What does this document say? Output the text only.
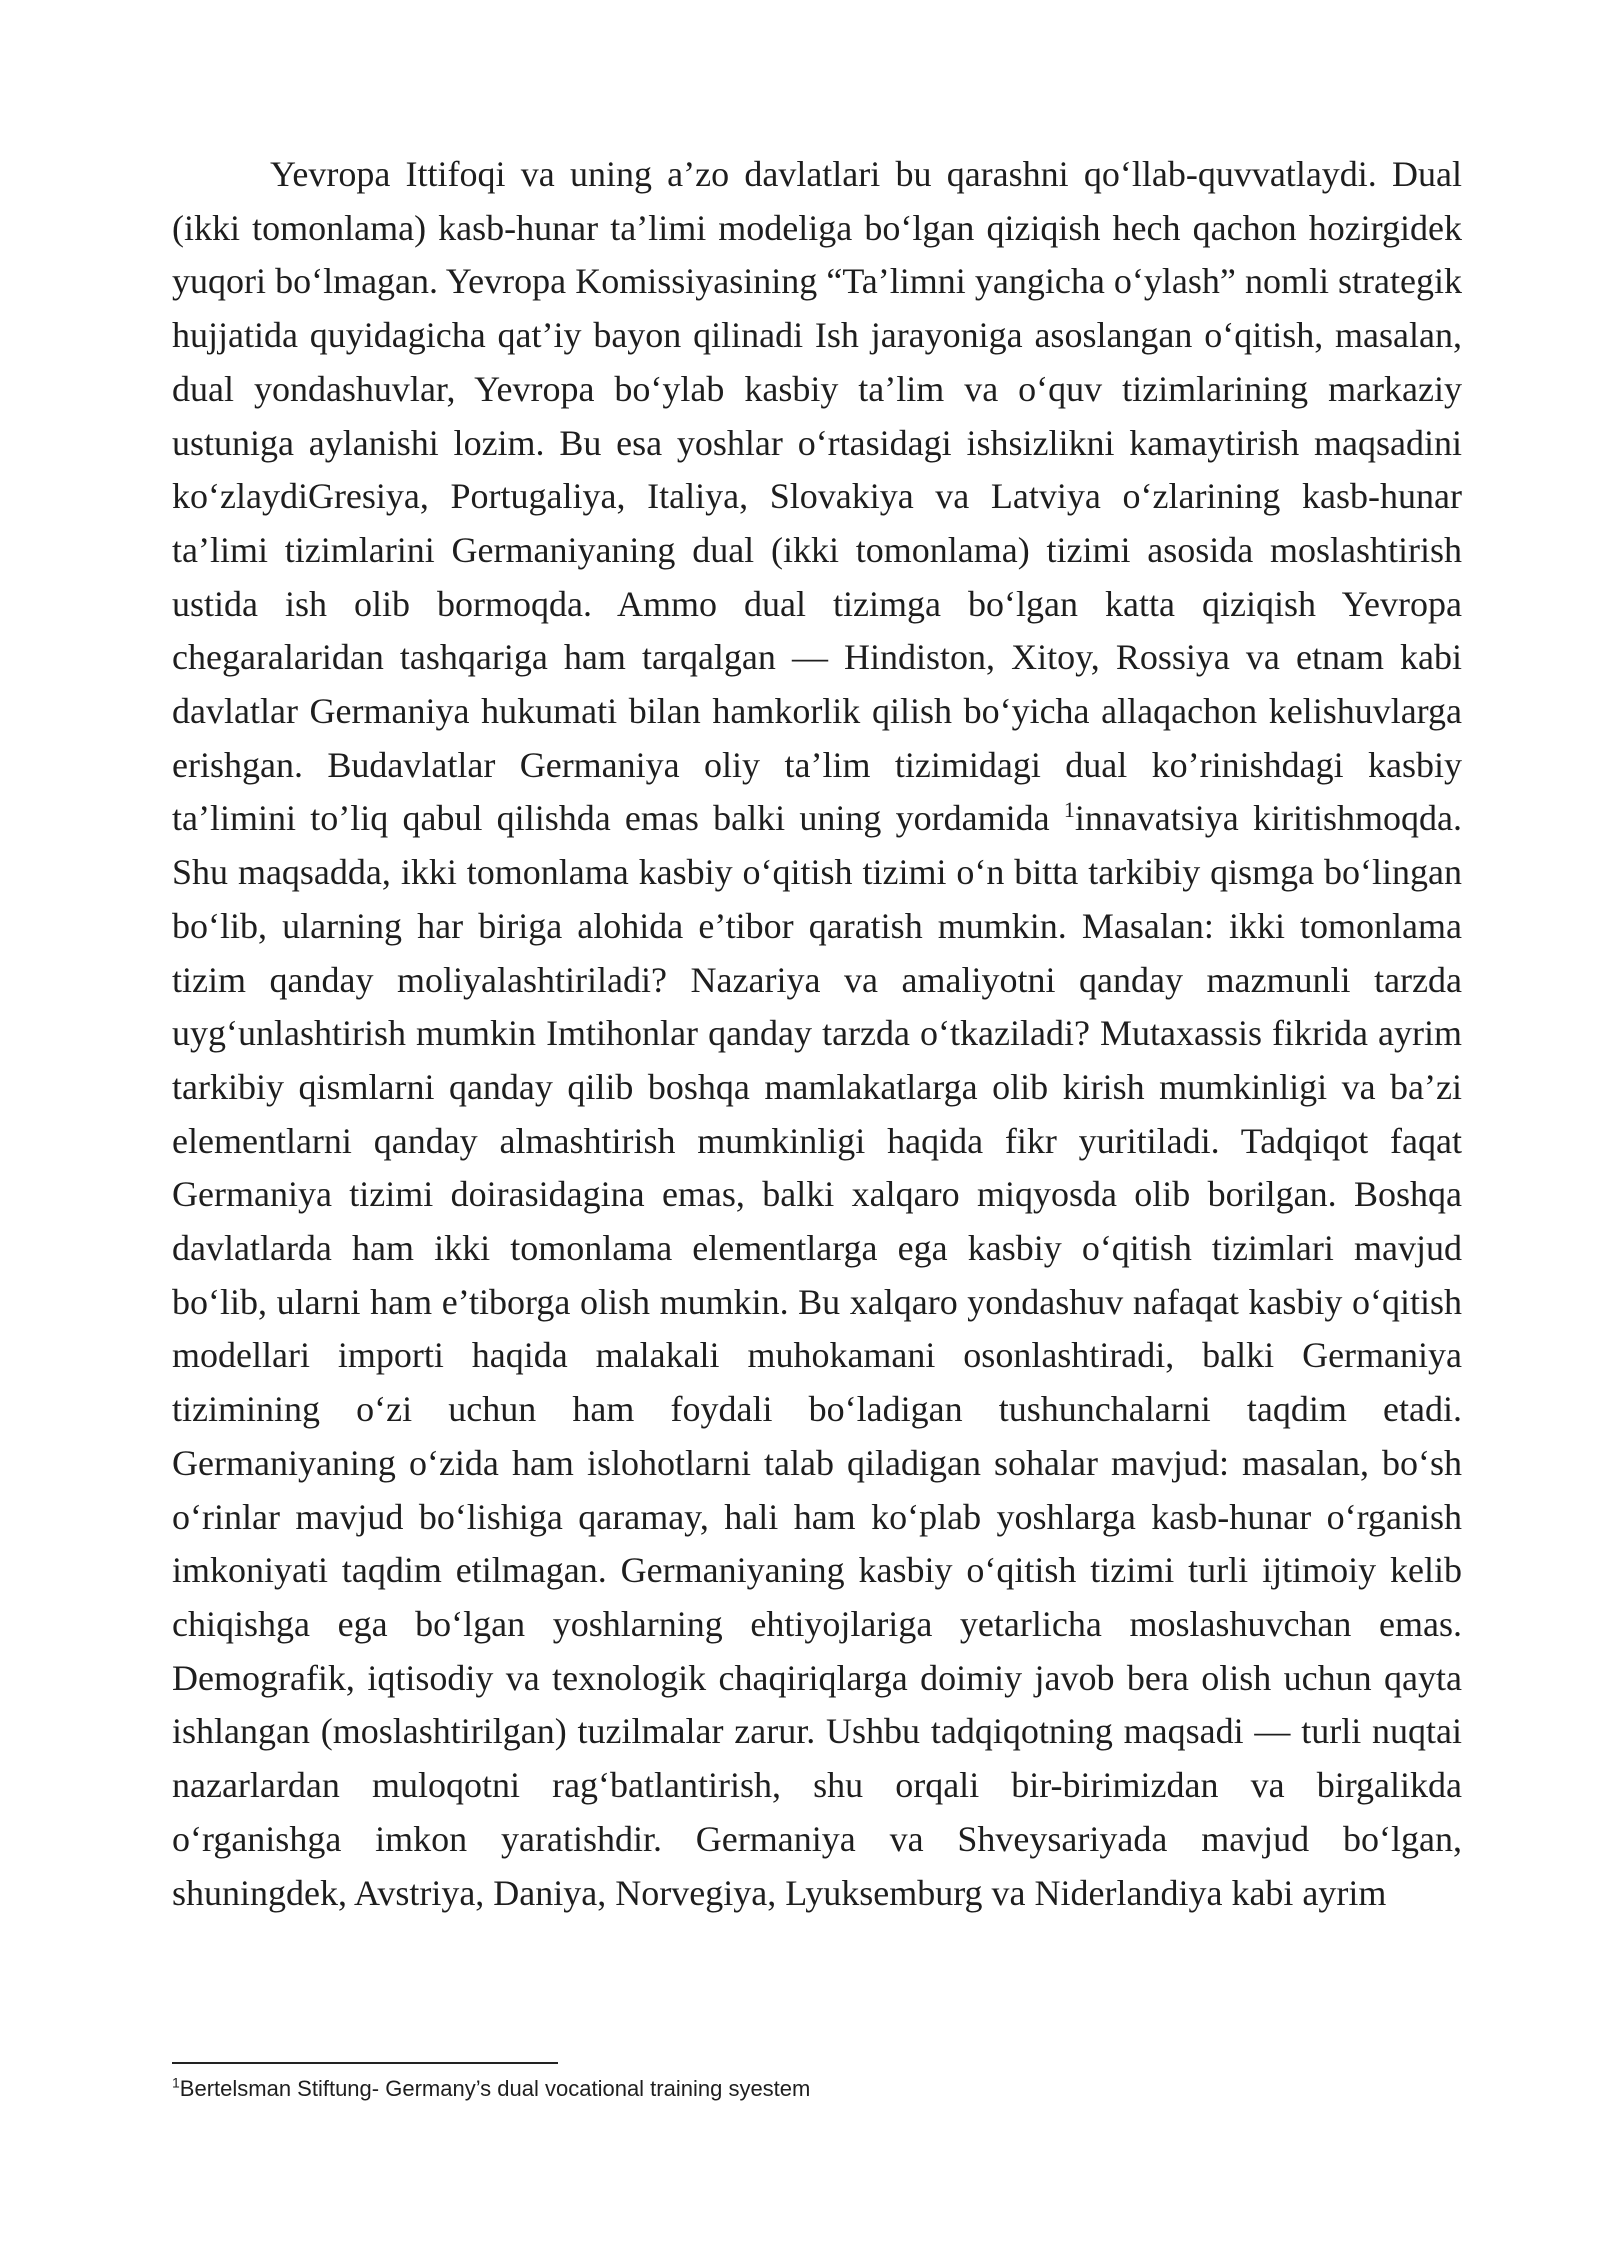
Yevropa Ittifoqi va uning a’zo davlatlari bu qarashni qo‘llab-quvvatlaydi. Dual (ikki tomonlama) kasb-hunar ta’limi modeliga bo‘lgan qiziqish hech qachon hozirgidek yuqori bo‘lmagan. Yevropa Komissiyasining “Ta’limni yangicha o‘ylash” nomli strategik hujjatida quyidagicha qat’iy bayon qilinadi Ish jarayoniga asoslangan o‘qitish, masalan, dual yondashuvlar, Yevropa bo‘ylab kasbiy ta’lim va o‘quv tizimlarining markaziy ustuniga aylanishi lozim. Bu esa yoshlar o‘rtasidagi ishsizlikni kamaytirish maqsadini ko‘zlaydiGresiya, Portugaliya, Italiya, Slovakiya va Latviya o‘zlarining kasb-hunar ta’limi tizimlarini Germaniyaning dual (ikki tomonlama) tizimi asosida moslashtirish ustida ish olib bormoqda. Ammo dual tizimga bo‘lgan katta qiziqish Yevropa chegaralaridan tashqariga ham tarqalgan — Hindiston, Xitoy, Rossiya va etnam kabi davlatlar Germaniya hukumati bilan hamkorlik qilish bo‘yicha allaqachon kelishuvlarga erishgan. Budavlatlar Germaniya oliy ta’lim tizimidagi dual ko’rinishdagi kasbiy ta’limini to’liq qabul qilishda emas balki uning yordamida $^1$innavatsiya kiritishmoqda. Shu maqsadda, ikki tomonlama kasbiy o‘qitish tizimi o‘n bitta tarkibiy qismga bo‘lingan bo‘lib, ularning har biriga alohida e’tibor qaratish mumkin. Masalan: ikki tomonlama tizim qanday moliyalashtiriladi? Nazariya va amaliyotni qanday mazmunli tarzda uyg‘unlashtirish mumkin Imtihonlar qanday tarzda o‘tkaziladi? Mutaxassis fikrida ayrim tarkibiy qismlarni qanday qilib boshqa mamlakatlarga olib kirish mumkinligi va ba’zi elementlarni qanday almashtirish mumkinligi haqida fikr yuritiladi. Tadqiqot faqat Germaniya tizimi doirasidagina emas, balki xalqaro miqyosda olib borilgan. Boshqa davlatlarda ham ikki tomonlama elementlarga ega kasbiy o‘qitish tizimlari mavjud bo‘lib, ularni ham e’tiborga olish mumkin. Bu xalqaro yondashuv nafaqat kasbiy o‘qitish modellari importi haqida malakali muhokamani osonlashtiradi, balki Germaniya tizimining o‘zi uchun ham foydali bo‘ladigan tushunchalarni taqdim etadi. Germaniyaning o‘zida ham islohotlarni talab qiladigan sohalar mavjud: masalan, bo‘sh o‘rinlar mavjud bo‘lishiga qaramay, hali ham ko‘plab yoshlarga kasb-hunar o‘rganish imkoniyati taqdim etilmagan. Germaniyaning kasbiy o‘qitish tizimi turli ijtimoiy kelib chiqishga ega bo‘lgan yoshlarning ehtiyojlariga yetarlicha moslashuvchan emas. Demografik, iqtisodiy va texnologik chaqiriqlarga doimiy javob bera olish uchun qayta ishlangan (moslashtirilgan) tuzilmalar zarur. Ushbu tadqiqotning maqsadi — turli nuqtai nazarlardan muloqotni rag‘batlantirish, shu orqali bir-birimizdan va birgalikda o‘rganishga imkon yaratishdir. Germaniya va Shveysariyada mavjud bo‘lgan, shuningdek, Avstriya, Daniya, Norvegiya, Lyuksemburg va Niderlandiya kabi ayrim

$^1$Bertelsman Stiftung- Germany’s dual vocational training syestem
